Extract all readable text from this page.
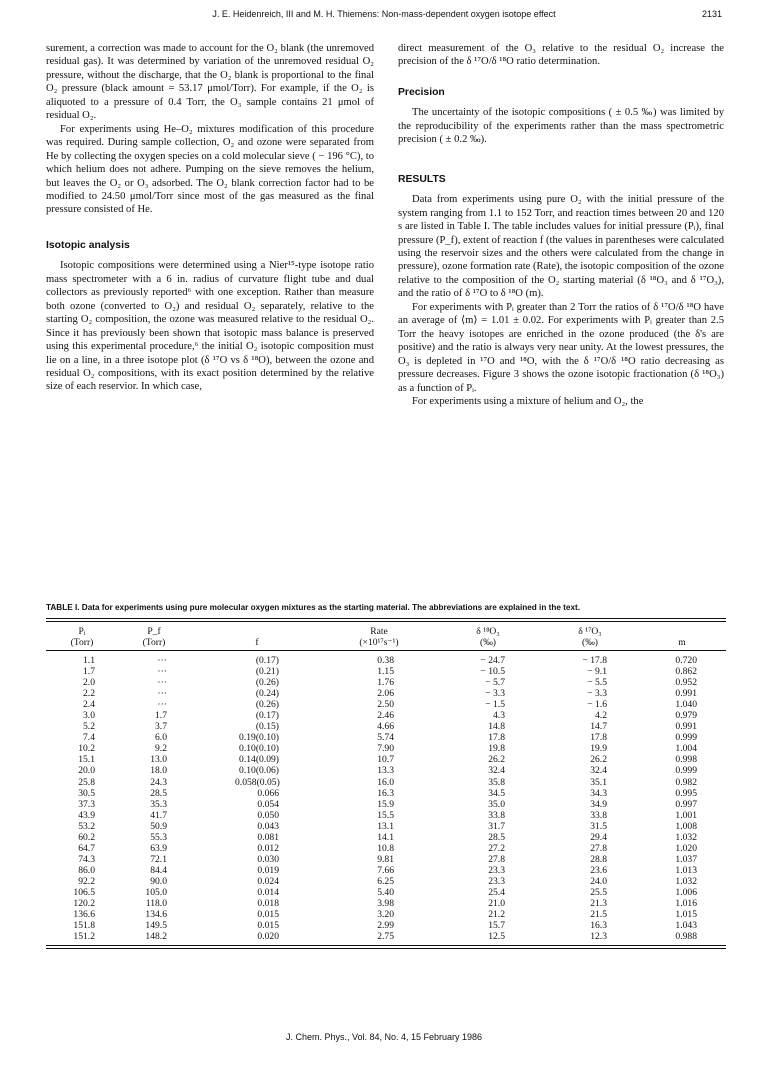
J. E. Heidenreich, III and M. H. Thiemens: Non-mass-dependent oxygen isotope effect	2131

surement, a correction was made to account for the O₂ blank (the unremoved residual gas). It was determined by variation of the unremoved residual O₂ pressure, without the discharge, that the O₂ blank is proportional to the final O₂ pressure (black amount = 53.17 μmol/Torr). For example, if the O₂ is aliquoted to a pressure of 0.4 Torr, the O₃ sample contains 21 μmol of residual O₂.

For experiments using He–O₂ mixtures modification of this procedure was required. During sample collection, O₂ and ozone were separated from He by collecting the oxygen species on a cold molecular sieve ( − 196 °C), to which helium does not adhere. Pumping on the sieve removes the helium, but leaves the O₂ or O₃ adsorbed. The O₂ blank correction factor had to be modified to 24.50 μmol/Torr since most of the gas measured as the final pressure consisted of He.

Isotopic analysis

Isotopic compositions were determined using a Nier¹⁵-type isotope ratio mass spectrometer with a 6 in. radius of curvature flight tube and dual collectors as previously reported⁶ with one exception. Rather than measure both ozone (converted to O₂) and residual O₂ separately, relative to the starting O₂ composition, the ozone was measured relative to the residual O₂. Since it has previously been shown that isotopic mass balance is preserved using this experimental procedure,⁶ the initial O₂ isotopic composition must lie on a line, in a three isotope plot (δ ¹⁷O vs δ ¹⁸O), between the ozone and residual O₂ compositions, with its exact position determined by the relative size of each reservior. In which case,

direct measurement of the O₃ relative to the residual O₂ increase the precision of the δ ¹⁷O/δ ¹⁸O ratio determination.

Precision

The uncertainty of the isotopic compositions ( ± 0.5 ‰) was limited by the reproducibility of the experiments rather than the mass spectrometric precision ( ± 0.2 ‰).

RESULTS

Data from experiments using pure O₂ with the initial pressure of the system ranging from 1.1 to 152 Torr, and reaction times between 20 and 120 s are listed in Table I. The table includes values for initial pressure (Pᵢ), final pressure (P_f), extent of reaction f (the values in parentheses were calculated using the reservoir sizes and the others were calculated from the change in pressure), ozone formation rate (Rate), the isotopic composition of the ozone relative to the composition of the O₂ starting material (δ ¹⁸O₃ and δ ¹⁷O₃), and the ratio of δ ¹⁷O to δ ¹⁸O (m).

For experiments with Pᵢ greater than 2 Torr the ratios of δ ¹⁷O/δ ¹⁸O have an average of ⟨m⟩ = 1.01 ± 0.02. For experiments with Pᵢ greater than 2.5 Torr the heavy isotopes are enriched in the ozone produced (the δ's are positive) and the ratio is always very near unity. At the lowest pressures, the O₃ is depleted in ¹⁷O and ¹⁸O, with the δ ¹⁷O/δ ¹⁸O ratio decreasing as pressure decreases. Figure 3 shows the ozone isotopic fractionation (δ ¹⁸O₃) as a function of Pᵢ.

For experiments using a mixture of helium and O₂, the

TABLE I. Data for experiments using pure molecular oxygen mixtures as the starting material. The abbreviations are explained in the text.
Pᵢ	P_f		Rate	δ ¹⁸O₃	δ ¹⁷O₃	
(Torr)	(Torr)	f	(×10¹⁷s⁻¹)	(‰)	(‰)	m

1.1	···	(0.17)	0.38	− 24.7	− 17.8	0.720
1.7	···	(0.21)	1.15	− 10.5	− 9.1	0.862
2.0	···	(0.26)	1.76	− 5.7	− 5.5	0.952
2.2	···	(0.24)	2.06	− 3.3	− 3.3	0.991
2.4	···	(0.26)	2.50	− 1.5	− 1.6	1.040
3.0	1.7	(0.17)	2.46	4.3	4.2	0.979
5.2	3.7	(0.15)	4.66	14.8	14.7	0.991
7.4	6.0	0.19(0.10)	5.74	17.8	17.8	0.999
10.2	9.2	0.10(0.10)	7.90	19.8	19.9	1.004
15.1	13.0	0.14(0.09)	10.7	26.2	26.2	0.998
20.0	18.0	0.10(0.06)	13.3	32.4	32.4	0.999
25.8	24.3	0.058(0.05)	16.0	35.8	35.1	0.982
30.5	28.5	0.066	16.3	34.5	34.3	0.995
37.3	35.3	0.054	15.9	35.0	34.9	0.997
43.9	41.7	0.050	15.5	33.8	33.8	1.001
53.2	50.9	0.043	13.1	31.7	31.5	1.008
60.2	55.3	0.081	14.1	28.5	29.4	1.032
64.7	63.9	0.012	10.8	27.2	27.8	1.020
74.3	72.1	0.030	9.81	27.8	28.8	1.037
86.0	84.4	0.019	7.66	23.3	23.6	1.013
92.2	90.0	0.024	6.25	23.3	24.0	1.032
106.5	105.0	0.014	5.40	25.4	25.5	1.006
120.2	118.0	0.018	3.98	21.0	21.3	1.016
136.6	134.6	0.015	3.20	21.2	21.5	1.015
151.8	149.5	0.015	2.99	15.7	16.3	1.043
151.2	148.2	0.020	2.75	12.5	12.3	0.988
J. Chem. Phys., Vol. 84, No. 4, 15 February 1986
